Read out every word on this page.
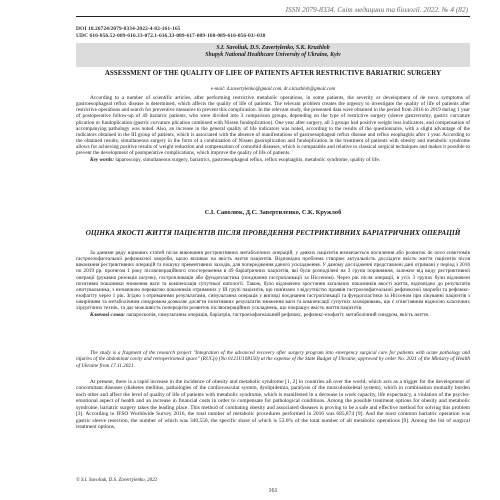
ISSN 2079-8334. Світ медицини та біології. 2022. № 4 (82)
DOI 10.26724/2079-8334-2022-4-82-161-165
UDC 616-056.52-089-616.33-072.1-616.33-089-617-089-168-089-616-056-03/-038
S.I. Savoliuk, D.S. Zavertylenko, S.K. Kruzhlob
Shupyk National Healthcare University of Ukraine, Kyiv
ASSESSMENT OF THE QUALITY OF LIFE OF PATIENTS AFTER RESTRICTIVE BARIATRIC SURGERY
e-mail: d.zavertylenko@gmail.com, dr.s.kruzhlob@gmail.com

According to a number of scientific articles, after performing restrictive metabolic operations, in some patients, the severity or development of de novo symptoms of gastroesophageal reflux disease is determined, which affects the quality of life of patients. The relevant problem creates the urgency to investigate the quality of life of patients after restrictive operations and search for preventive measures to prevent this complication. In the relevant study, the presented data were obtained in the period from 2016 to 2019 during 1 year of postoperative follow-up of 49 bariatric patients, who were divided into 3 comparison groups, depending on the type of restrictive surgery (sleeve gastrectomy, gastric curvature plication or fundoplication (gastric curvature plication combined with Nissen fundoplication). One year after surgery, all 3 groups had positive weight loss indicators, and compensation of accompanying pathology was noted. Also, an increase in the general quality of life indicators was noted, according to the results of the questionnaire, with a slight advantage of the indicators obtained in the III group of patients, which is associated with the absence of manifestations of gastroesophageal reflux disease and reflux esophagitis after 1 year. According to the obtained results, simultaneous surgery in the form of a combination of Nissen gastroplication and fundoplication in the treatment of patients with obesity and metabolic syndrome allows for achieving positive results of weight reduction and compensation of comorbid diseases, which is comparable and relative to classical surgical techniques and makes it possible to prevent the development of postoperative complications, which improve the quality of life of patients.

Key words: laparoscopy, simultaneous surgery, bariatrics, gastroesophageal reflux, reflux esophagitis, metabolic syndrome, quality of life.

С.І. Саволюк, Д.С. Завертиленко, С.К. Кружлоб
ОЦІНКА ЯКОСТІ ЖИТТЯ ПАЦІЄНТІВ ПІСЛЯ ПРОВЕДЕННЯ РЕСТРИКТИВНИХ БАРІАТРИЧНИХ ОПЕРАЦІЙ

За даними ряду наукових статей після виконання рестриктивних метаболічних операцій, у деяких пацієнтів визначається посилення або розвиток de novo симптомів гастроезофагеальної рефлюксної хвороби, щоло впливає на якість життя пацієнтів. Відповідна проблема створює актуальність дослідити якість життя пацієнтів після виконання рестриктивних операцій та пошуку превентивних заходів, для попередження даного ускладнення. У даному дослідженні представлені дані отримані у період з 2016 по 2019 рр. протягом 1 року післяопераційного спостереження в 49 баріатричних пацієнтів, які були розподілені на 3 групи порівняння, залежно від виду рестриктивної операції (рукавна резекція шлунку, гастропликація або фундопластика (поєднання гастропликації за Ніссеном). Через рік після операції, в усіх 3 групах були відзначені позитивні показники зниження ваги та компенсація супутньої патології. Також, було відзначено зростання загальних показників якості життя, відповідно до результатів опитувальника, з незначною перевагою показників отриманих у ІІІ групі пацієнтів, що пов'язано з відсутністю проявів гастроезофагеальної рефлюксної хвороби та рефлюкс-езофагіту через 1 рік. Згідно з отриманими результатами, симультанна операція у вигляді поєднання гастропликації та фундопластики за Ніссеном при лікуванні пацієнтів з ожирінням та метаболічним синдромом дозволяє досягти позитивних результатів зниження ваги та компенсації супутніх захворювань, що є співставним відносно класичних хірургічних технік, та дає можливість попередити розвиток післяопераційних ускладнень, що покращує якість життя пацієнтів.

Ключові слова: лапароскопія, симультанна операція, баріатрія, гастроезофагеальний рефлюкс, рефлюкс-езофагіт, метаболічний синдром, якість життя.

The study is a fragment of the research project "Integration of the advanced recovery after surgery program into emergency surgical care for patients with acute pathology and injuries of the abdominal cavity and retroperitoneal space" (RUCp) (No 0121U108150) at the expense of the State Budget of Ukraine, approved by order No. 2021 of the Ministry of Health of Ukraine from 17.11.2021.

At present, there is a rapid increase in the incidence of obesity and metabolic syndrome [1, 2] in countries all over the world, which acts as a trigger for the development of concomitant diseases (diabetes mellitus, pathologies of the cardiovascular system, dyslipidemia, paralysis of the musculoskeletal system), which in combination mutually burden each other and affect the level of quality of life of patients with metabolic syndrome, which is manifested in a decrease in work capacity, life expectancy, a violation of the psycho-emotional aspect of health and an increase in financial costs in order to compensate for pathological conditions. Among the possible treatment options for obesity and metabolic syndrome, bariatric surgery takes the leading place. This method of combating obesity and associated diseases is proving to be a safe and effective method for solving this problem [3]. According to IFSO Worldwide Survey 2016, the total number of metabolic procedures performed in 2016 was 685,874 [9]. And the most common bariatric operation was gastric sleeve resection, the number of which was 340,550, the specific share of which is 53.6% of the total number of all metabolic operations [9]. Among the list of surgical treatment options,

© S.I. Savoliuk, D.S. Zavertylenko, 2022
161
